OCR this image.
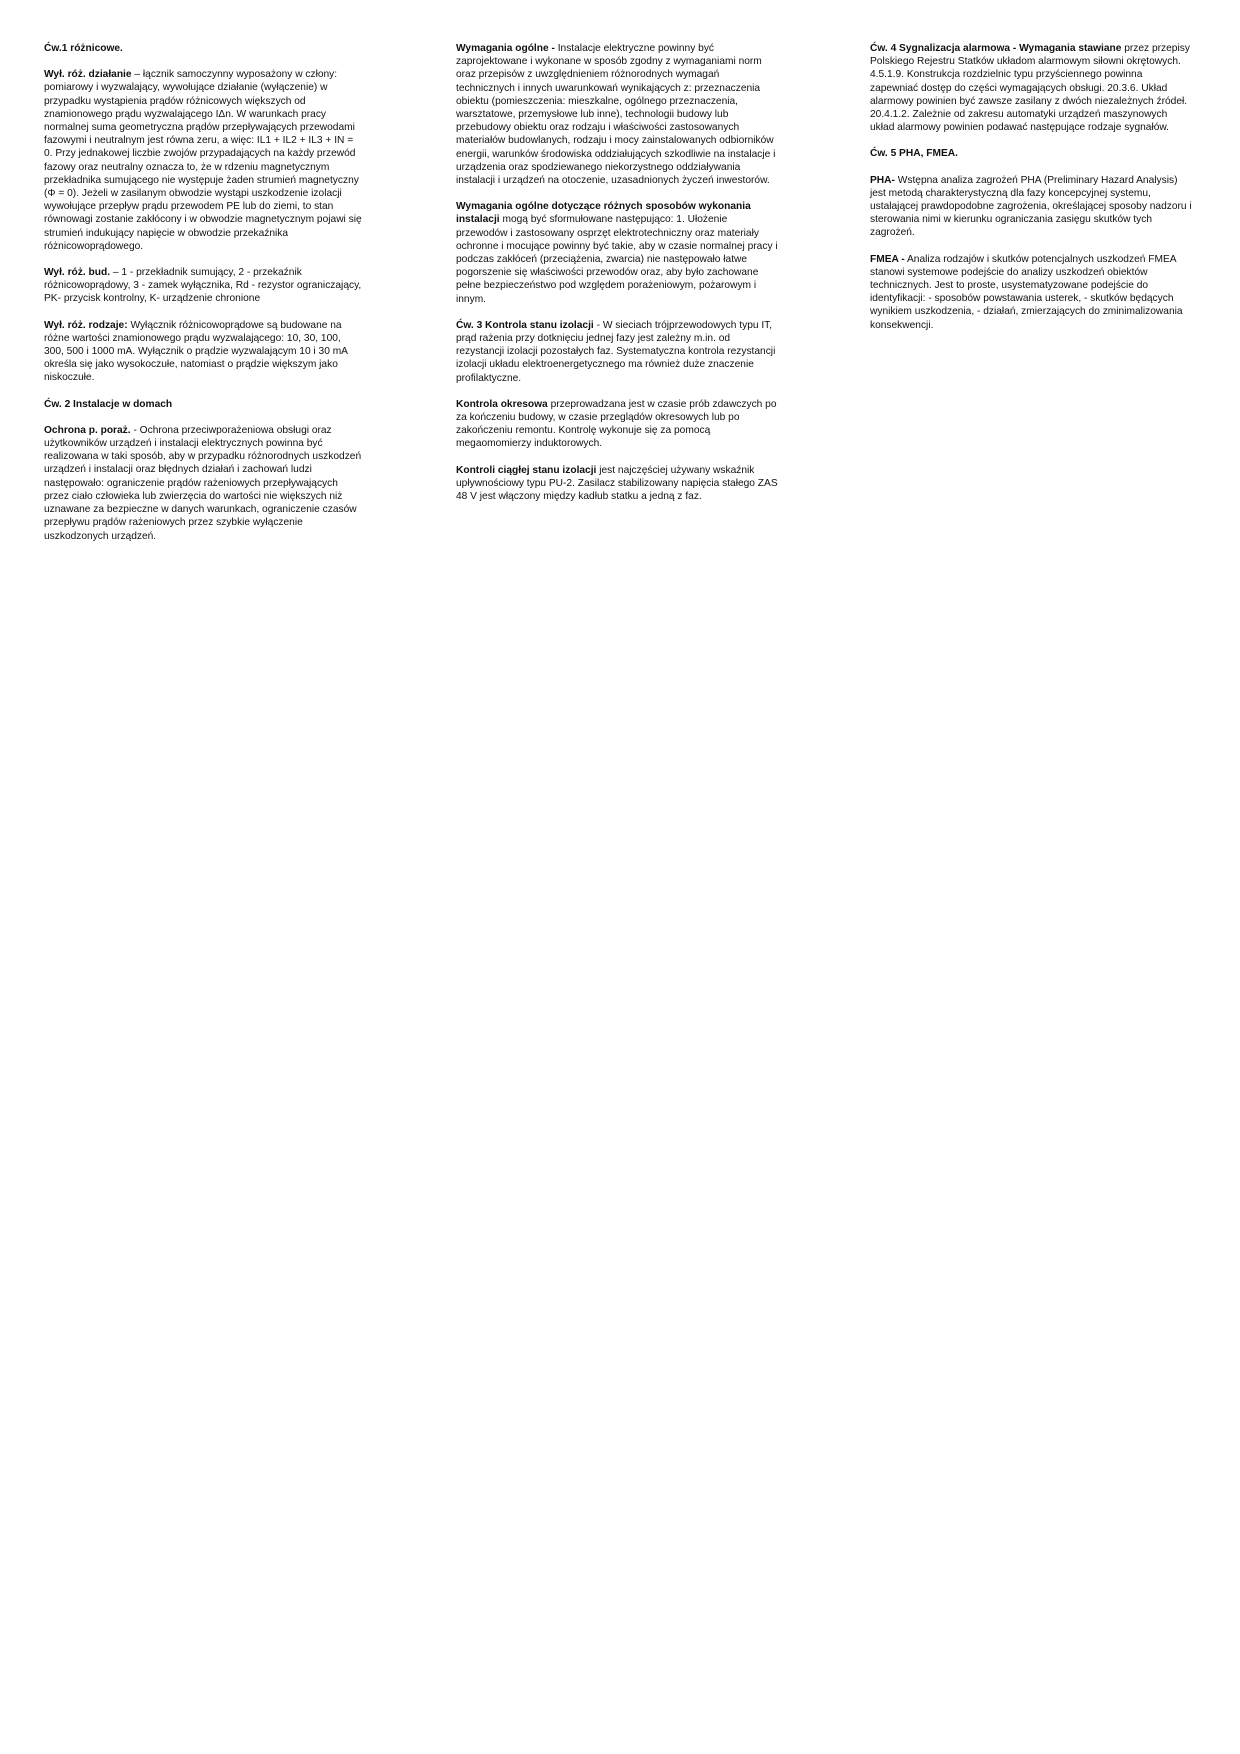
Ćw.1 różnicowe.

Wył. róż. działanie – łącznik samoczynny wyposażony w człony: pomiarowy i wyzwalający, wywołujące działanie (wyłączenie) w przypadku wystąpienia prądów różnicowych większych od znamionowego prądu wyzwalającego IΔn. W warunkach pracy normalnej suma geometryczna prądów przepływających przewodami fazowymi i neutralnym jest równa zeru, a więc: IL1 + IL2 + IL3 + IN = 0. Przy jednakowej liczbie zwojów przypadających na każdy przewód fazowy oraz neutralny oznacza to, że w rdzeniu magnetycznym przekładnika sumującego nie występuje żaden strumień magnetyczny (Φ = 0). Jeżeli w zasilanym obwodzie wystąpi uszkodzenie izolacji wywołujące przepływ prądu przewodem PE lub do ziemi, to stan równowagi zostanie zakłócony i w obwodzie magnetycznym pojawi się strumień indukujący napięcie w obwodzie przekaźnika różnicowoprądowego.

Wył. róż. bud. – 1 - przekładnik sumujący, 2 - przekaźnik różnicowoprądowy, 3 - zamek wyłącznika, Rd - rezystor ograniczający, PK- przycisk kontrolny, K- urządzenie chronione

Wył. róż. rodzaje: Wyłącznik różnicowoprądowe są budowane na różne wartości znamionowego prądu wyzwalającego: 10, 30, 100, 300, 500 i 1000 mA. Wyłącznik o prądzie wyzwalającym 10 i 30 mA określa się jako wysokoczułe, natomiast o prądzie większym jako niskoczułe.

Ćw. 2 Instalacje w domach

Ochrona p. poraż. - Ochrona przeciwporażeniowa obsługi oraz użytkowników urządzeń i instalacji elektrycznych powinna być realizowana w taki sposób, aby w przypadku różnorodnych uszkodzeń urządzeń i instalacji oraz błędnych działań i zachowań ludzi następowało: ograniczenie prądów rażeniowych przepływających przez ciało człowieka lub zwierzęcia do wartości nie większych niż uznawane za bezpieczne w danych warunkach, ograniczenie czasów przepływu prądów rażeniowych przez szybkie wyłączenie uszkodzonych urządzeń.

Wymagania ogólne - Instalacje elektryczne powinny być zaprojektowane i wykonane w sposób zgodny z wymaganiami norm oraz przepisów z uwzględnieniem różnorodnych wymagań technicznych i innych uwarunkowań wynikających z: przeznaczenia obiektu (pomieszczenia: mieszkalne, ogólnego przeznaczenia, warsztatowe, przemysłowe lub inne), technologii budowy lub przebudowy obiektu oraz rodzaju i właściwości zastosowanych materiałów budowlanych, rodzaju i mocy zainstalowanych odbiorników energii, warunków środowiska oddziałujących szkodliwie na instalacje i urządzenia oraz spodziewanego niekorzystnego oddziaływania instalacji i urządzeń na otoczenie, uzasadnionych życzeń inwestorów.

Wymagania ogólne dotyczące różnych sposobów wykonania instalacji mogą być sformułowane następująco: 1. Ułożenie przewodów i zastosowany osprzęt elektrotechniczny oraz materiały ochronne i mocujące powinny być takie, aby w czasie normalnej pracy i podczas zakłóceń (przeciążenia, zwarcia) nie następowało łatwe pogorszenie się właściwości przewodów oraz, aby było zachowane pełne bezpieczeństwo pod względem porażeniowym, pożarowym i innym.

Ćw. 3 Kontrola stanu izolacji - W sieciach trójprzewodowych typu IT, prąd rażenia przy dotknięciu jednej fazy jest zależny m.in. od rezystancji izolacji pozostałych faz. Systematyczna kontrola rezystancji izolacji układu elektroenergetycznego ma również duże znaczenie profilaktyczne.

Kontrola okresowa przeprowadzana jest w czasie prób zdawczych po za kończeniu budowy, w czasie przeglądów okresowych lub po zakończeniu remontu. Kontrolę wykonuje się za pomocą megaomomierzy induktorowych.

Kontroli ciągłej stanu izolacji jest najczęściej używany wskaźnik upływnościowy typu PU-2. Zasilacz stabilizowany napięcia stałego ZAS 48 V jest włączony między kadłub statku a jedną z faz.

Ćw. 4 Sygnalizacja alarmowa - Wymagania stawiane przez przepisy Polskiego Rejestru Statków układom alarmowym siłowni okrętowych. 4.5.1.9. Konstrukcja rozdzielnic typu przyściennego powinna zapewniać dostęp do części wymagających obsługi. 20.3.6. Układ alarmowy powinien być zawsze zasilany z dwóch niezależnych źródeł. 20.4.1.2. Zależnie od zakresu automatyki urządzeń maszynowych układ alarmowy powinien podawać następujące rodzaje sygnałów.

Ćw. 5 PHA, FMEA.

PHA- Wstępna analiza zagrożeń PHA (Preliminary Hazard Analysis) jest metodą charakterystyczną dla fazy koncepcyjnej systemu, ustalającej prawdopodobne zagrożenia, określającej sposoby nadzoru i sterowania nimi w kierunku ograniczania zasięgu skutków tych zagrożeń.

FMEA - Analiza rodzajów i skutków potencjalnych uszkodzeń FMEA stanowi systemowe podejście do analizy uszkodzeń obiektów technicznych. Jest to proste, usystematyzowane podejście do identyfikacji: - sposobów powstawania usterek, - skutków będących wynikiem uszkodzenia, - działań, zmierzających do zminimalizowania konsekwencji.
